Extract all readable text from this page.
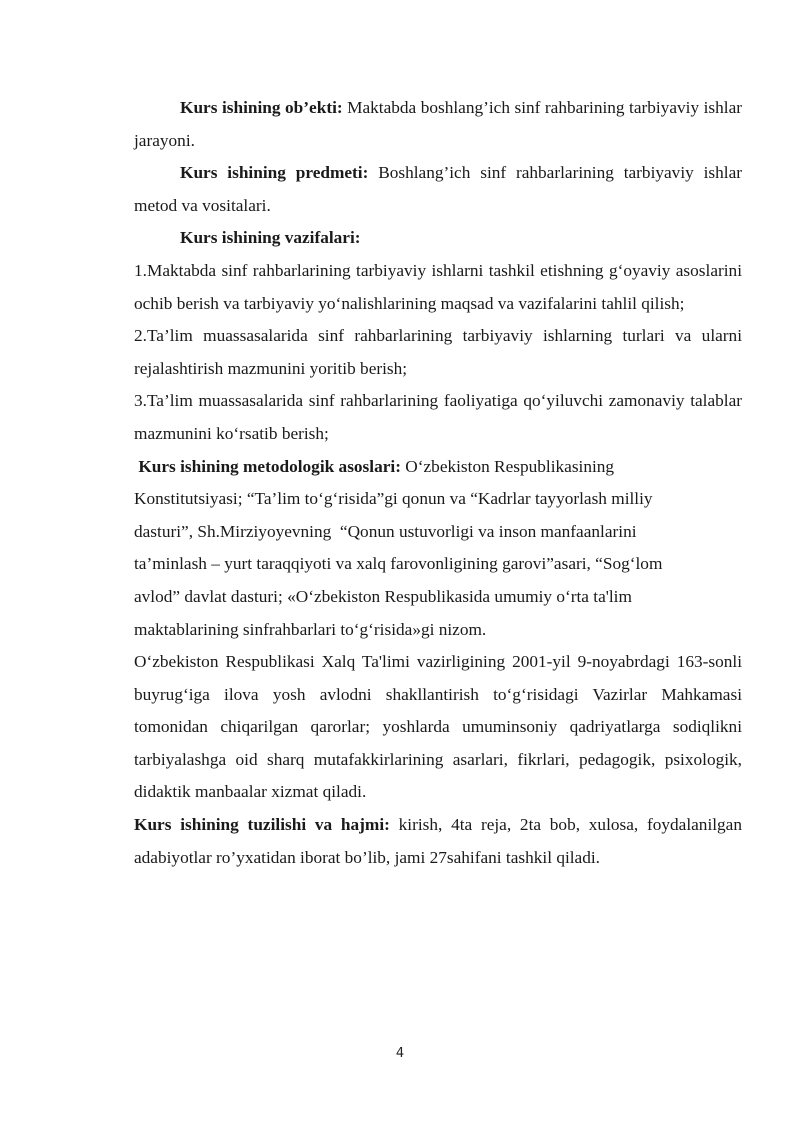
Kurs ishining ob’ekti: Maktabda boshlang’ich sinf rahbarining tarbiyaviy ishlar jarayoni.

Kurs ishining predmeti: Boshlang’ich sinf rahbarlarining tarbiyaviy ishlar metod va vositalari.

Kurs ishining vazifalari:

1.Maktabda sinf rahbarlarining tarbiyaviy ishlarni tashkil etishning g‘oyaviy asoslarini ochib berish va tarbiyaviy yo‘nalishlarining maqsad va vazifalarini tahlil qilish;

2.Ta’lim muassasalarida sinf rahbarlarining tarbiyaviy ishlarning turlari va ularni rejalashtirish mazmunini yoritib berish;

3.Ta’lim muassasalarida sinf rahbarlarining faoliyatiga qo‘yiluvchi zamonaviy talablar mazmunini ko‘rsatib berish;

Kurs ishining metodologik asoslari: O‘zbekiston Respublikasining
Konstitutsiyasi; “Ta’lim to‘g‘risida”gi qonun va “Kadrlar tayyorlash milliy
dasturi”, Sh.Mirziyoyevning  “Qonun ustuvorligi va inson manfaanlarini
ta’minlash – yurt taraqqiyoti va xalq farovonligining garovi”asari, “Sog‘lom
avlod” davlat dasturi; «O‘zbekiston Respublikasida umumiy o‘rta ta'lim
maktablarining sinfrahbarlari to‘g‘risida»gi nizom.

O‘zbekiston Respublikasi Xalq Ta'limi vazirligining 2001-yil 9-noyabrdagi 163-sonli buyrug‘iga ilova yosh avlodni shakllantirish to‘g‘risidagi Vazirlar Mahkamasi tomonidan chiqarilgan qarorlar; yoshlarda umuminsoniy qadriyatlarga sodiqlikni tarbiyalashga oid sharq mutafakkirlarining asarlari, fikrlari, pedagogik, psixologik, didaktik manbaalar xizmat qiladi.

Kurs ishining tuzilishi va hajmi: kirish, 4ta reja, 2ta bob, xulosa, foydalanilgan adabiyotlar ro’yxatidan iborat bo’lib, jami 27sahifani tashkil qiladi.

4
